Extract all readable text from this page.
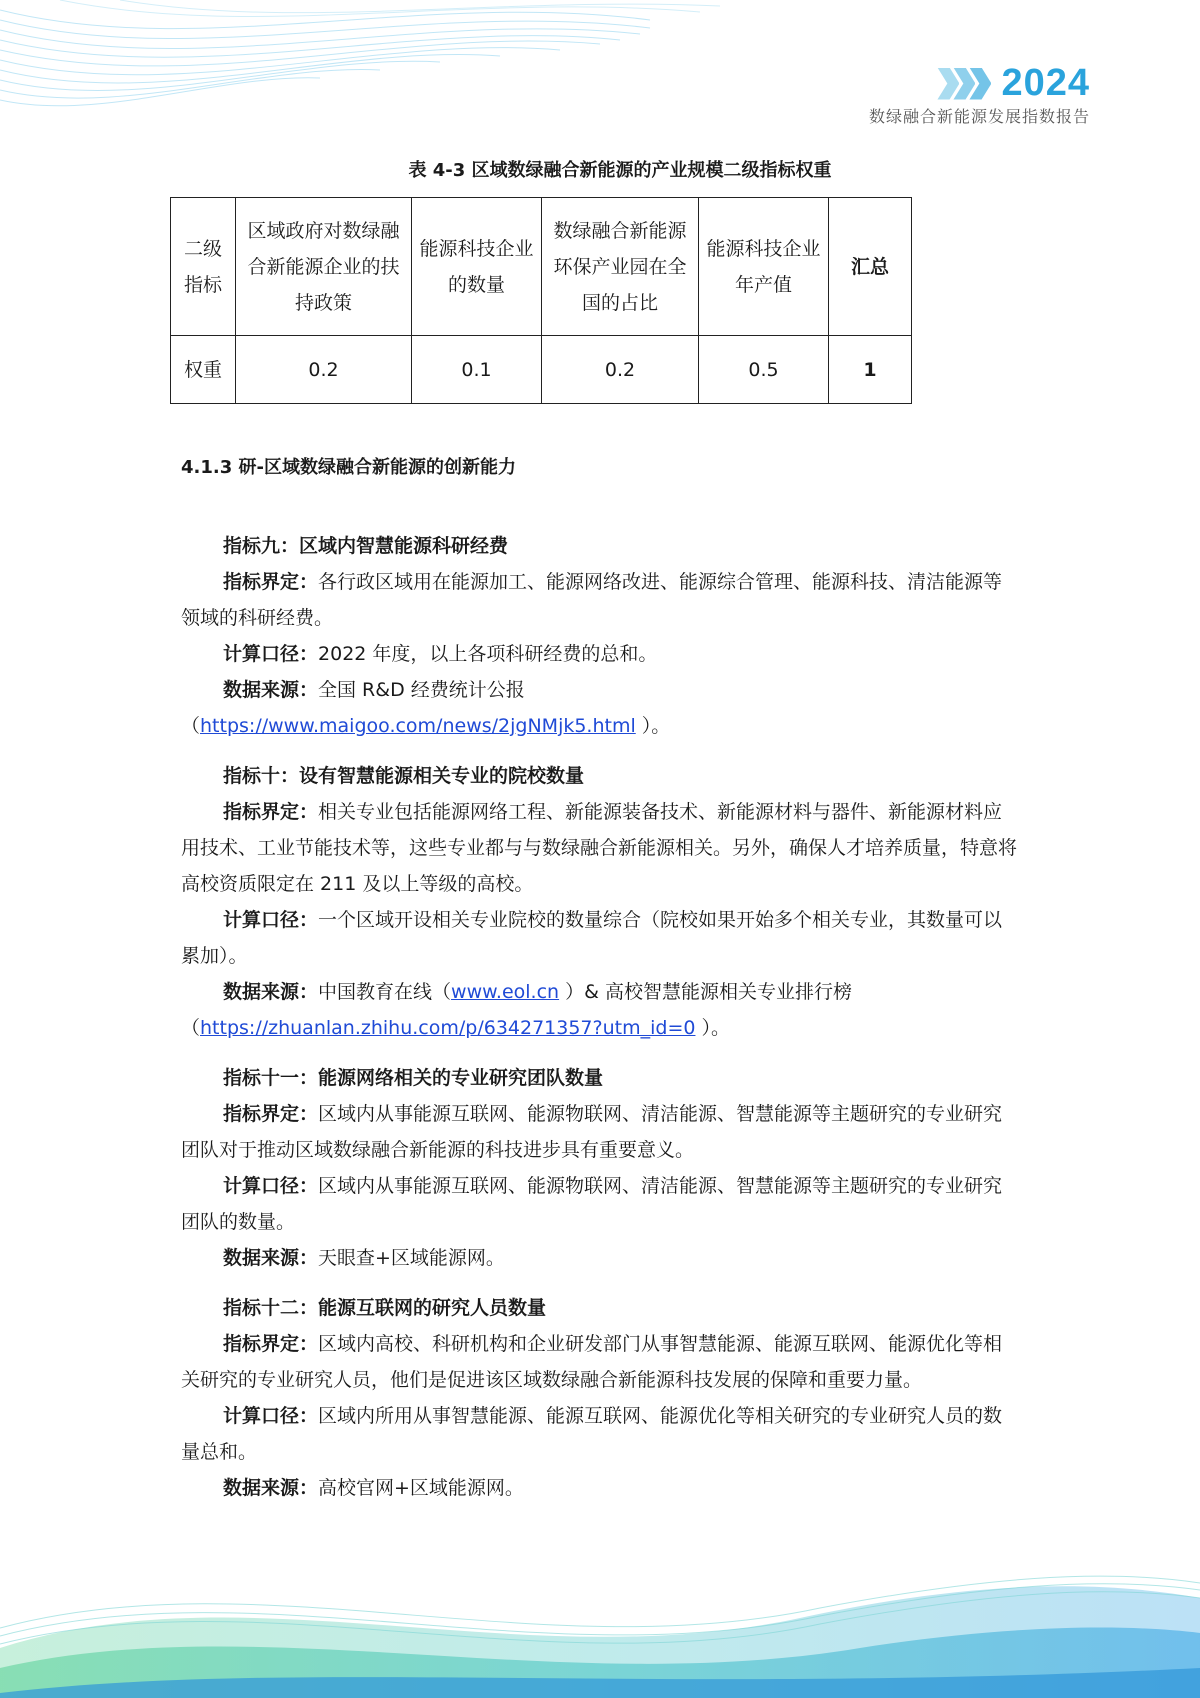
2024
数绿融合新能源发展指数报告
表 4-3 区域数绿融合新能源的产业规模二级指标权重
二级指标	区域政府对数绿融合新能源企业的扶持政策	能源科技企业的数量	数绿融合新能源环保产业园在全国的占比	能源科技企业年产值	汇总
权重	0.2	0.1	0.2	0.5	1
4.1.3 研-区域数绿融合新能源的创新能力

指标九：区域内智慧能源科研经费

指标界定：各行政区域用在能源加工、能源网络改进、能源综合管理、能源科技、清洁能源等领域的科研经费。

计算口径：2022 年度，以上各项科研经费的总和。

数据来源：全国 R&D 经费统计公报

（https://www.maigoo.com/news/2jgNMjk5.html ）。

指标十：设有智慧能源相关专业的院校数量

指标界定：相关专业包括能源网络工程、新能源装备技术、新能源材料与器件、新能源材料应用技术、工业节能技术等，这些专业都与与数绿融合新能源相关。另外，确保人才培养质量，特意将高校资质限定在 211 及以上等级的高校。

计算口径：一个区域开设相关专业院校的数量综合（院校如果开始多个相关专业，其数量可以累加）。

数据来源：中国教育在线（www.eol.cn ）& 高校智慧能源相关专业排行榜

（https://zhuanlan.zhihu.com/p/634271357?utm_id=0 ）。

指标十一：能源网络相关的专业研究团队数量

指标界定：区域内从事能源互联网、能源物联网、清洁能源、智慧能源等主题研究的专业研究团队对于推动区域数绿融合新能源的科技进步具有重要意义。

计算口径：区域内从事能源互联网、能源物联网、清洁能源、智慧能源等主题研究的专业研究团队的数量。

数据来源：天眼查+区域能源网。

指标十二：能源互联网的研究人员数量

指标界定：区域内高校、科研机构和企业研发部门从事智慧能源、能源互联网、能源优化等相关研究的专业研究人员，他们是促进该区域数绿融合新能源科技发展的保障和重要力量。

计算口径：区域内所用从事智慧能源、能源互联网、能源优化等相关研究的专业研究人员的数量总和。

数据来源：高校官网+区域能源网。
